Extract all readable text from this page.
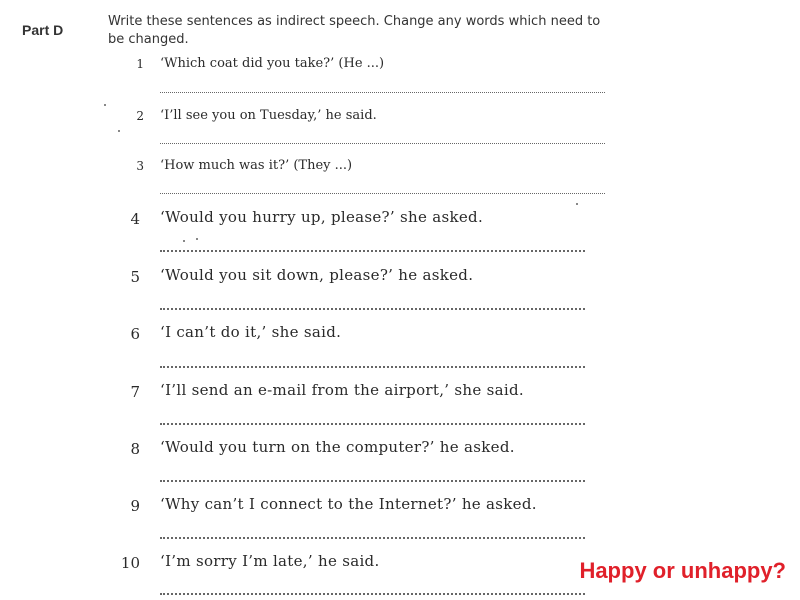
Part D
Write these sentences as indirect speech. Change any words which need to be changed.
1 ‘Which coat did you take?’ (He ...)
2 ‘I’ll see you on Tuesday,’ he said.
3 ‘How much was it?’ (They ...)
4 ‘Would you hurry up, please?’ she asked.
5 ‘Would you sit down, please?’ he asked.
6 ‘I can’t do it,’ she said.
7 ‘I’ll send an e-mail from the airport,’ she said.
8 ‘Would you turn on the computer?’ he asked.
9 ‘Why can’t I connect to the Internet?’ he asked.
10 ‘I’m sorry I’m late,’ he said.	Happy or unhappy?
